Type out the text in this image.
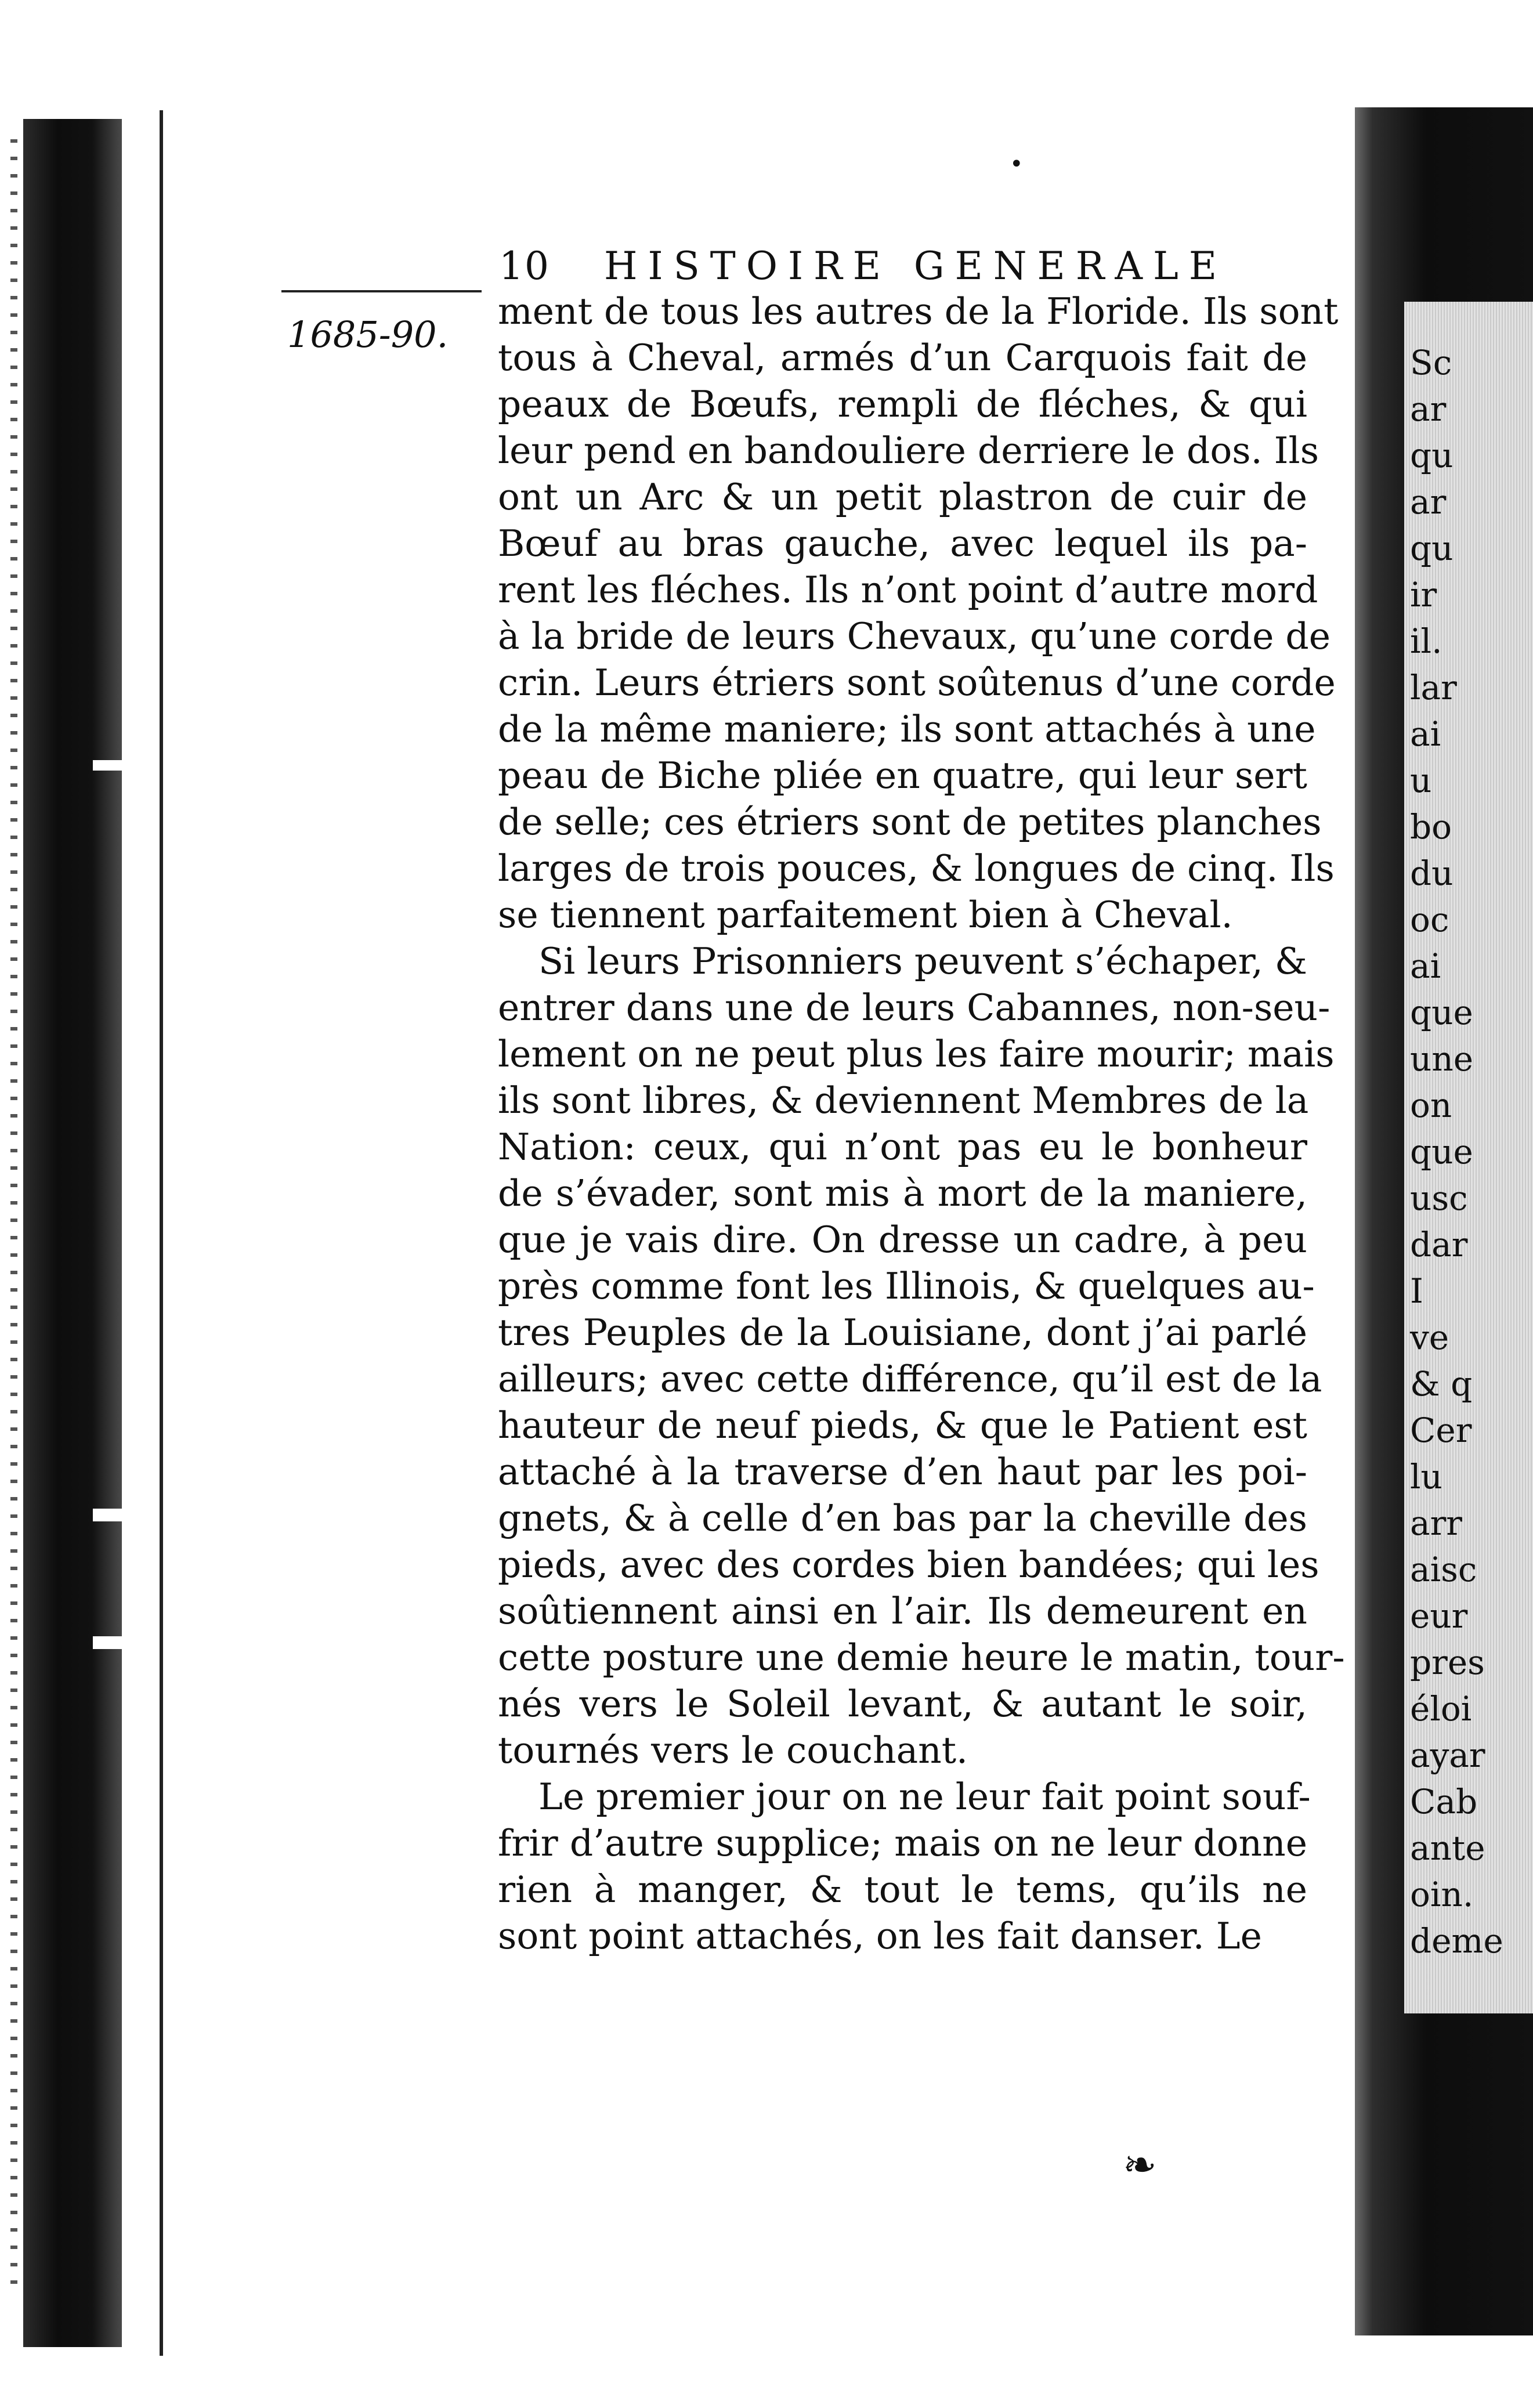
Sc
ar
qu
ar
qu
ir
il.
lar
ai
u
bo
du
oc
ai
que
une
on
que
usc
dar
I
ve
& q
Cer
lu
arr
aisc
eur
pres
éloi
ayar
Cab
ante
oin.
deme
10 HISTOIRE GENERALE
1685-90.
ment de tous les autres de la Floride. Ils sont
tous à Cheval, armés d’un Carquois fait de
peaux de Bœufs, rempli de fléches, & qui
leur pend en bandouliere derriere le dos. Ils
ont un Arc & un petit plastron de cuir de
Bœuf au bras gauche, avec lequel ils pa-
rent les fléches. Ils n’ont point d’autre mord
à la bride de leurs Chevaux, qu’une corde de
crin. Leurs étriers sont soûtenus d’une corde
de la même maniere; ils sont attachés à une
peau de Biche pliée en quatre, qui leur sert
de selle; ces étriers sont de petites planches
larges de trois pouces, & longues de cinq. Ils
se tiennent parfaitement bien à Cheval.
Si leurs Prisonniers peuvent s’échaper, &
entrer dans une de leurs Cabannes, non-seu-
lement on ne peut plus les faire mourir; mais
ils sont libres, & deviennent Membres de la
Nation: ceux, qui n’ont pas eu le bonheur
de s’évader, sont mis à mort de la maniere,
que je vais dire. On dresse un cadre, à peu
près comme font les Illinois, & quelques au-
tres Peuples de la Louisiane, dont j’ai parlé
ailleurs; avec cette différence, qu’il est de la
hauteur de neuf pieds, & que le Patient est
attaché à la traverse d’en haut par les poi-
gnets, & à celle d’en bas par la cheville des
pieds, avec des cordes bien bandées; qui les
soûtiennent ainsi en l’air. Ils demeurent en
cette posture une demie heure le matin, tour-
nés vers le Soleil levant, & autant le soir,
tournés vers le couchant.
Le premier jour on ne leur fait point souf-
frir d’autre supplice; mais on ne leur donne
rien à manger, & tout le tems, qu’ils ne
sont point attachés, on les fait danser. Le
•
❧
